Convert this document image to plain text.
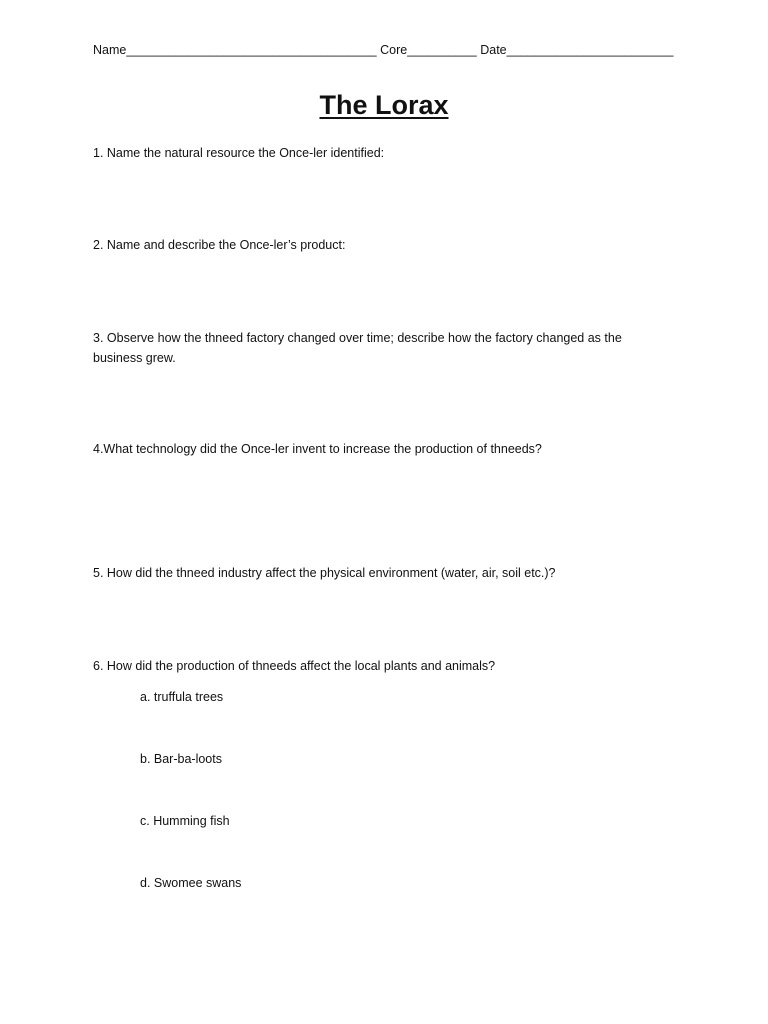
Name____________________________________ Core__________ Date________________________
The Lorax
1. Name the natural resource the Once-ler identified:
2. Name and describe the Once-ler’s product:
3. Observe how the thneed factory changed over time; describe how the factory changed as the business grew.
4.What technology did the Once-ler invent to increase the production of thneeds?
5. How did the thneed industry affect the physical environment (water, air, soil etc.)?
6. How did the production of thneeds affect the local plants and animals?
a. truffula trees
b. Bar-ba-loots
c. Humming fish
d. Swomee swans
